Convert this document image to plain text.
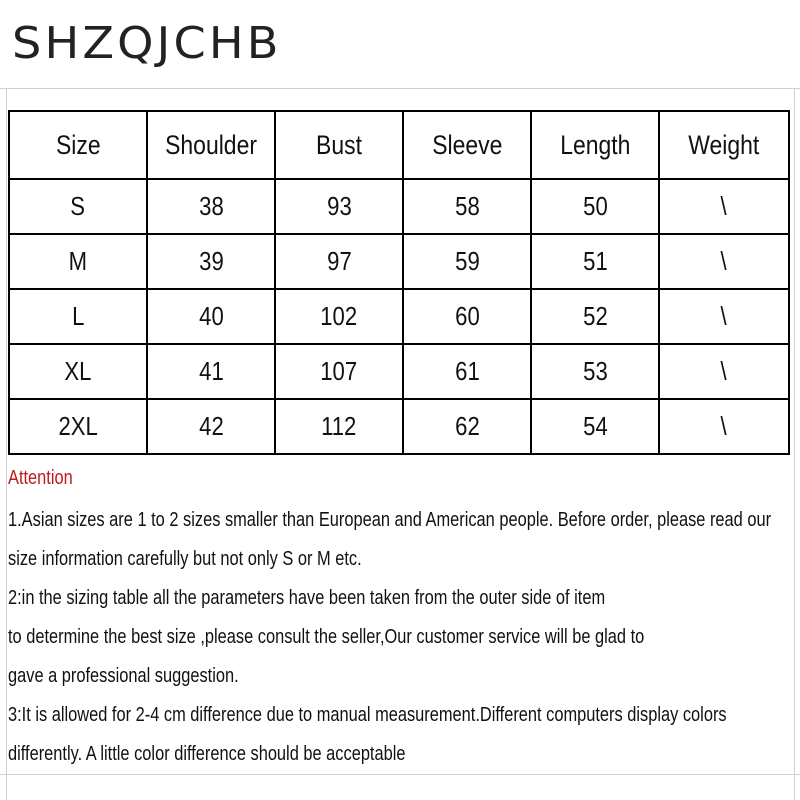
SHZQJCHB
Size	Shoulder	Bust	Sleeve	Length	Weight
S	38	93	58	50	\
M	39	97	59	51	\
L	40	102	60	52	\
XL	41	107	61	53	\
2XL	42	112	62	54	\
Attention
1.Asian sizes are 1 to 2 sizes smaller than European and American people. Before order, please read our
size information carefully but not only S or M etc.
2:in the sizing table all the parameters have been taken from the outer side of item
to determine the best size ,please consult the seller,Our customer service will be glad to
gave a professional suggestion.
3:It is allowed for 2-4 cm difference due to manual measurement.Different computers display colors
differently. A little color difference should be acceptable
